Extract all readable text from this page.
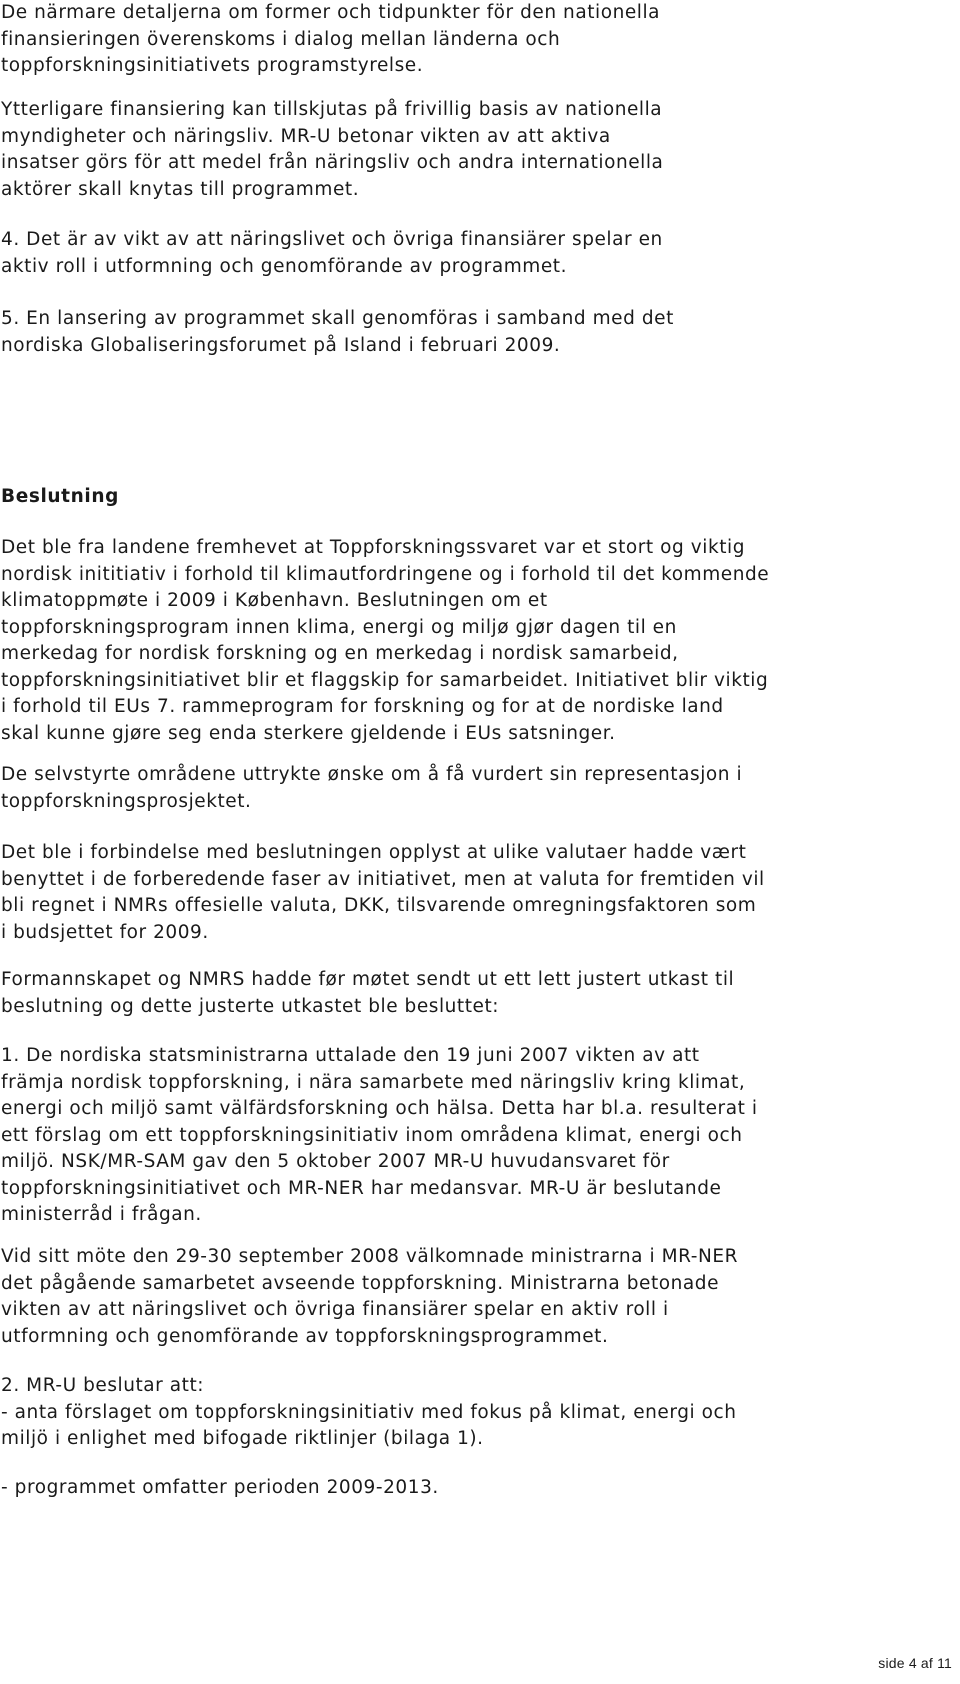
De närmare detaljerna om former och tidpunkter för den nationella
finansieringen överenskoms i dialog mellan länderna och
toppforskningsinitiativets programstyrelse.
Ytterligare finansiering kan tillskjutas på frivillig basis av nationella
myndigheter och näringsliv. MR-U betonar vikten av att aktiva
insatser görs för att medel från näringsliv och andra internationella
aktörer skall knytas till programmet.
4. Det är av vikt av att näringslivet och övriga finansiärer spelar en
aktiv roll i utformning och genomförande av programmet.
5. En lansering av programmet skall genomföras i samband med det
nordiska Globaliseringsforumet på Island i februari 2009.
Beslutning
Det ble fra landene fremhevet at Toppforskningssvaret var et stort og viktig
nordisk inititiativ i forhold til klimautfordringene og i forhold til det kommende
klimatoppmøte i 2009 i København. Beslutningen om et
toppforskningsprogram innen klima, energi og miljø gjør dagen til en
merkedag for nordisk forskning og en merkedag i nordisk samarbeid,
toppforskningsinitiativet blir et flaggskip for samarbeidet. Initiativet blir viktig
i forhold til EUs 7. rammeprogram for forskning og for at de nordiske land
skal kunne gjøre seg enda sterkere gjeldende i EUs satsninger.
De selvstyrte områdene uttrykte ønske om å få vurdert sin representasjon i
toppforskningsprosjektet.
Det ble i forbindelse med beslutningen opplyst at ulike valutaer hadde vært
benyttet i de forberedende faser av initiativet, men at valuta for fremtiden vil
bli regnet i NMRs offesielle valuta, DKK, tilsvarende omregningsfaktoren som
i budsjettet for 2009.
Formannskapet og NMRS hadde før møtet sendt ut ett lett justert utkast til
beslutning og dette justerte utkastet ble besluttet:
1. De nordiska statsministrarna uttalade den 19 juni 2007 vikten av att
främja nordisk toppforskning, i nära samarbete med näringsliv kring klimat,
energi och miljö samt välfärdsforskning och hälsa. Detta har bl.a. resulterat i
ett förslag om ett toppforskningsinitiativ inom områdena klimat, energi och
miljö. NSK/MR-SAM gav den 5 oktober 2007 MR-U huvudansvaret för
toppforskningsinitiativet och MR-NER har medansvar. MR-U är beslutande
ministerråd i frågan.
Vid sitt möte den 29-30 september 2008 välkomnade ministrarna i MR-NER
det pågående samarbetet avseende toppforskning. Ministrarna betonade
vikten av att näringslivet och övriga finansiärer spelar en aktiv roll i
utformning och genomförande av toppforskningsprogrammet.
2. MR-U beslutar att:
- anta förslaget om toppforskningsinitiativ med fokus på klimat, energi och
miljö i enlighet med bifogade riktlinjer (bilaga 1).
- programmet omfatter perioden 2009-2013.
side 4 af 11
